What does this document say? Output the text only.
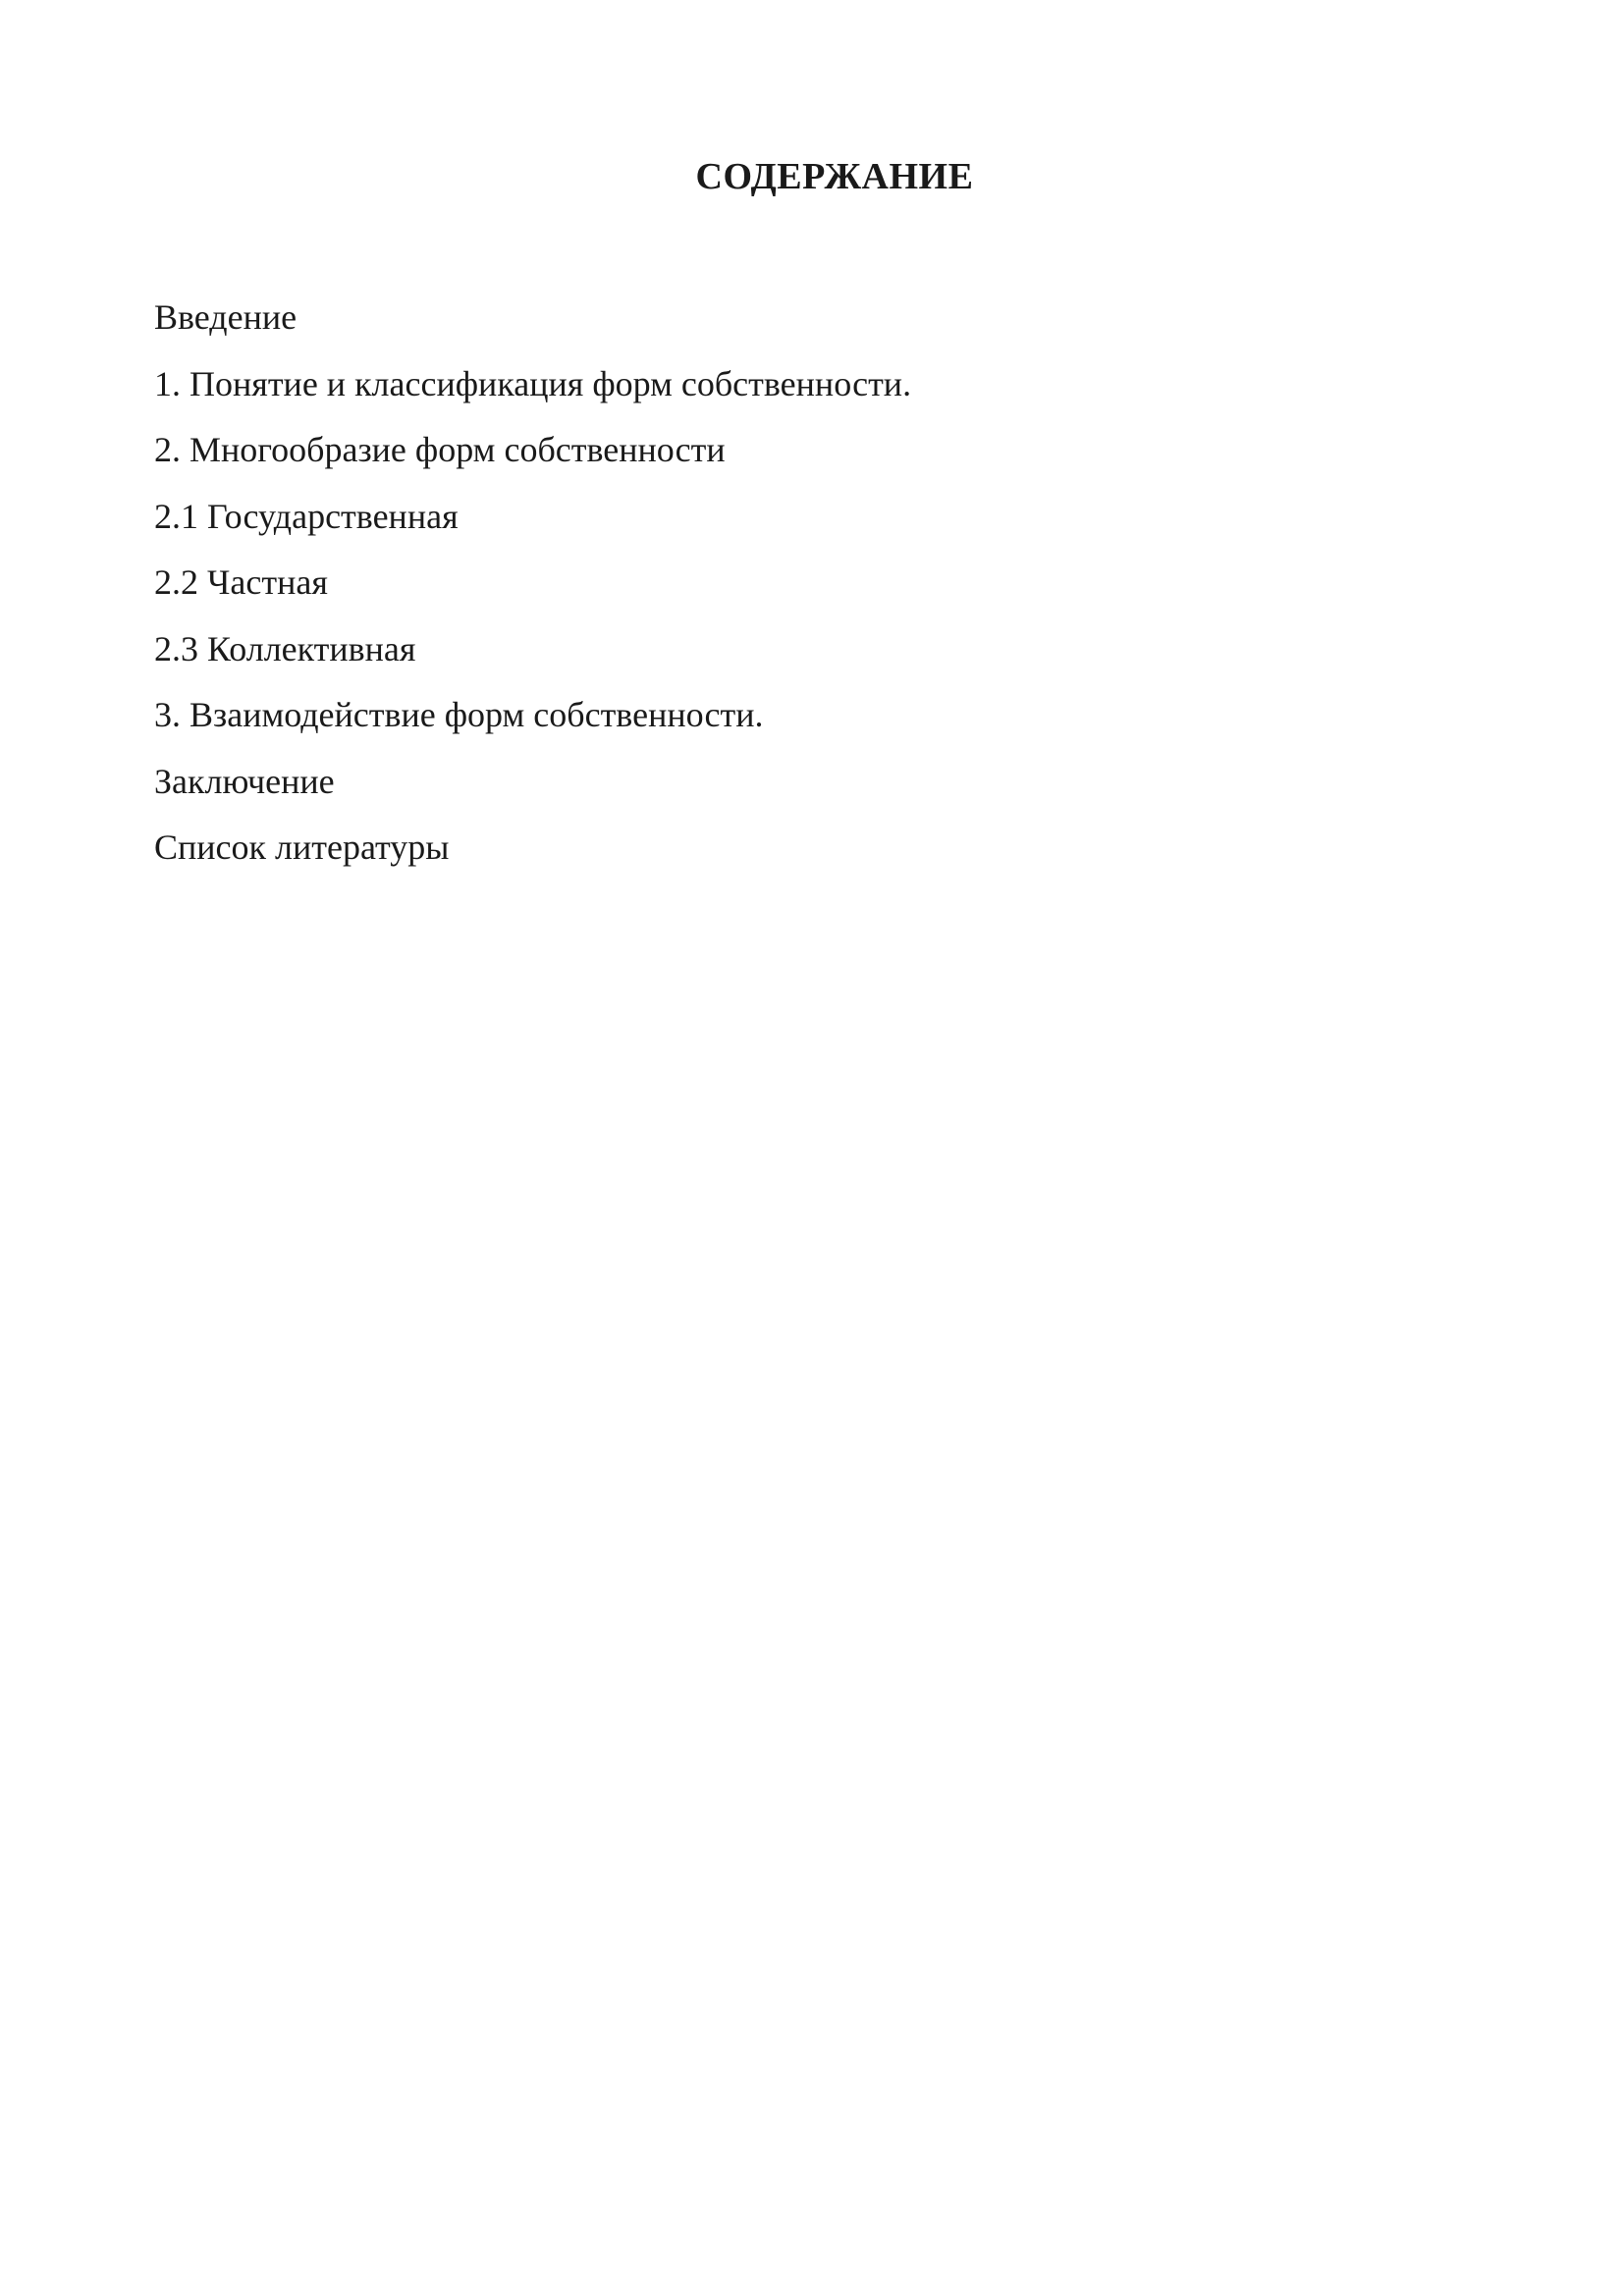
СОДЕРЖАНИЕ
Введение
1. Понятие и классификация форм собственности.
2. Многообразие форм собственности
2.1 Государственная
2.2 Частная
2.3 Коллективная
3. Взаимодействие форм собственности.
Заключение
Список литературы
